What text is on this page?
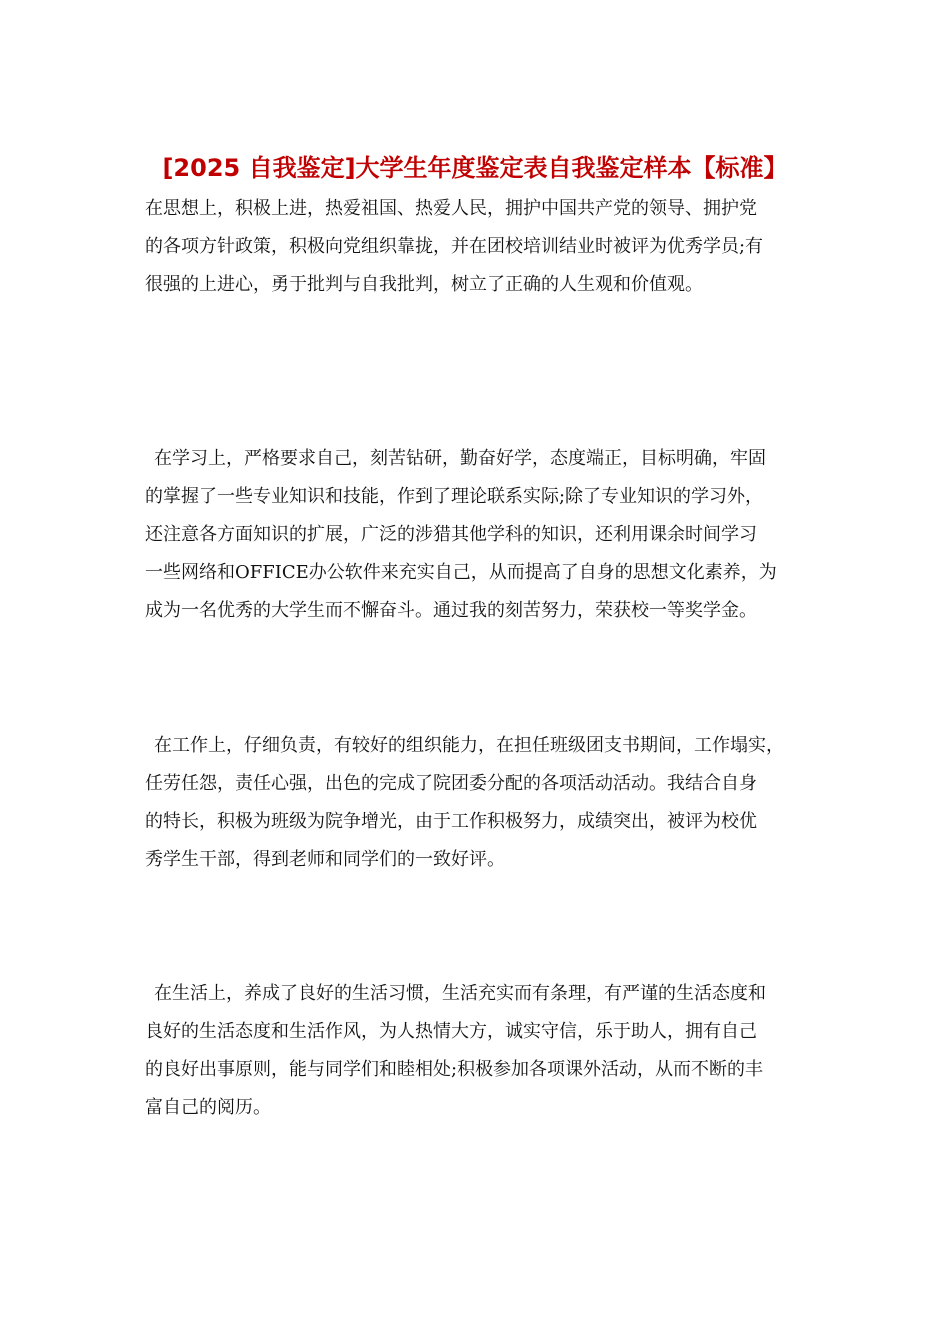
[2025 自我鉴定]大学生年度鉴定表自我鉴定样本【标准】
在思想上，积极上进，热爱祖国、热爱人民，拥护中国共产党的领导、拥护党
的各项方针政策，积极向党组织靠拢，并在团校培训结业时被评为优秀学员;有
很强的上进心，勇于批判与自我批判，树立了正确的人生观和价值观。
在学习上，严格要求自己，刻苦钻研，勤奋好学，态度端正，目标明确，牢固
的掌握了一些专业知识和技能，作到了理论联系实际;除了专业知识的学习外，
还注意各方面知识的扩展，广泛的涉猎其他学科的知识，还利用课余时间学习
一些网络和OFFICE办公软件来充实自己，从而提高了自身的思想文化素养，为
成为一名优秀的大学生而不懈奋斗。通过我的刻苦努力，荣获校一等奖学金。
在工作上，仔细负责，有较好的组织能力，在担任班级团支书期间，工作塌实，
任劳任怨，责任心强，出色的完成了院团委分配的各项活动活动。我结合自身
的特长，积极为班级为院争增光，由于工作积极努力，成绩突出，被评为校优
秀学生干部，得到老师和同学们的一致好评。
在生活上，养成了良好的生活习惯，生活充实而有条理，有严谨的生活态度和
良好的生活态度和生活作风，为人热情大方，诚实守信，乐于助人，拥有自己
的良好出事原则，能与同学们和睦相处;积极参加各项课外活动，从而不断的丰
富自己的阅历。
